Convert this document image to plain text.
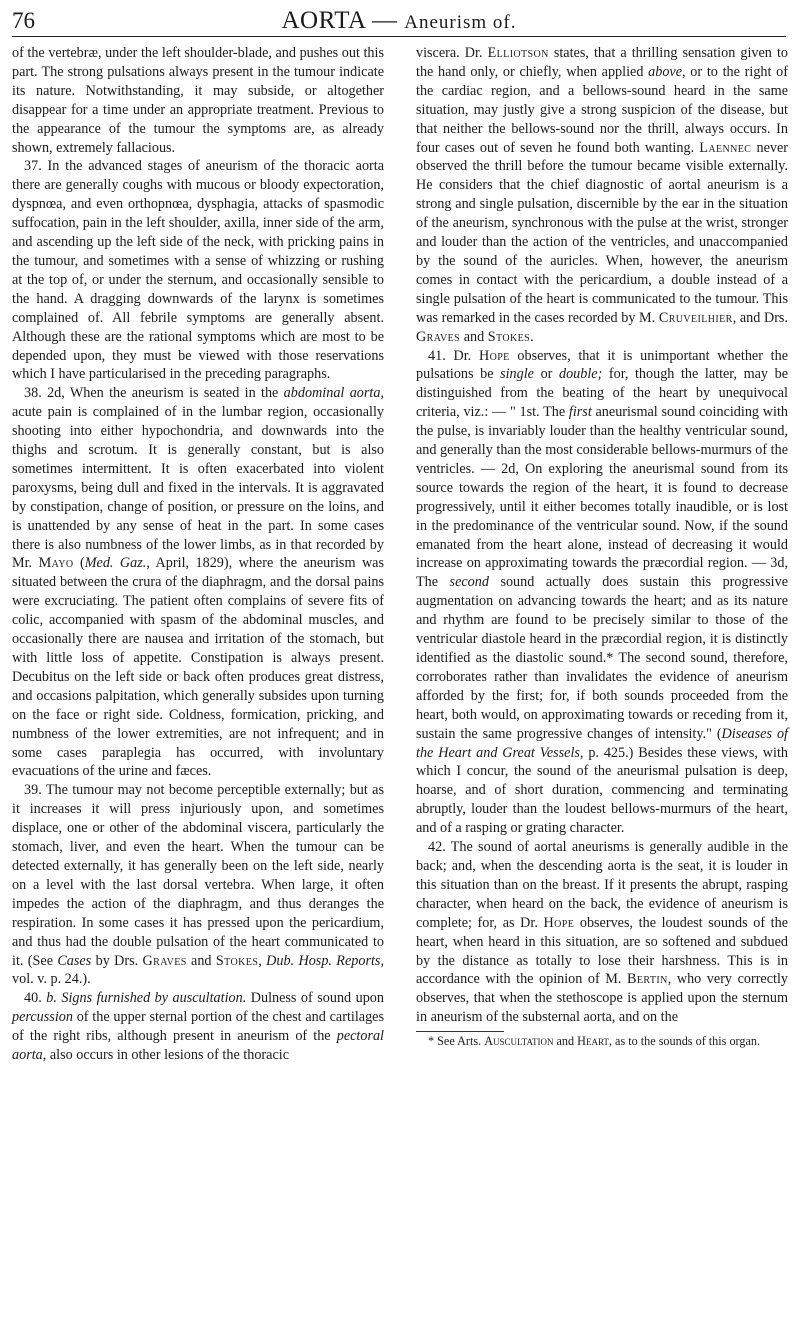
76	AORTA — Aneurism of.

of the vertebræ, under the left shoulder-blade, and pushes out this part. The strong pulsations always present in the tumour indicate its nature. Notwithstanding, it may subside, or altogether disappear for a time under an appropriate treatment. Previous to the appearance of the tumour the symptoms are, as already shown, extremely fallacious.

37. In the advanced stages of aneurism of the thoracic aorta there are generally coughs with mucous or bloody expectoration, dyspnœa, and even orthopnœa, dysphagia, attacks of spasmodic suffocation, pain in the left shoulder, axilla, inner side of the arm, and ascending up the left side of the neck, with pricking pains in the tumour, and sometimes with a sense of whizzing or rushing at the top of, or under the sternum, and occasionally sensible to the hand. A dragging downwards of the larynx is sometimes complained of. All febrile symptoms are generally absent. Although these are the rational symptoms which are most to be depended upon, they must be viewed with those reservations which I have particularised in the preceding paragraphs.

38. 2d, When the aneurism is seated in the abdominal aorta, acute pain is complained of in the lumbar region, occasionally shooting into either hypochondria, and downwards into the thighs and scrotum. It is generally constant, but is also sometimes intermittent. It is often exacerbated into violent paroxysms, being dull and fixed in the intervals. It is aggravated by constipation, change of position, or pressure on the loins, and is unattended by any sense of heat in the part. In some cases there is also numbness of the lower limbs, as in that recorded by Mr. Mayo (Med. Gaz., April, 1829), where the aneurism was situated between the crura of the diaphragm, and the dorsal pains were excruciating. The patient often complains of severe fits of colic, accompanied with spasm of the abdominal muscles, and occasionally there are nausea and irritation of the stomach, but with little loss of appetite. Constipation is always present. Decubitus on the left side or back often produces great distress, and occasions palpitation, which generally subsides upon turning on the face or right side. Coldness, formication, pricking, and numbness of the lower extremities, are not infrequent; and in some cases paraplegia has occurred, with involuntary evacuations of the urine and fæces.

39. The tumour may not become perceptible externally; but as it increases it will press injuriously upon, and sometimes displace, one or other of the abdominal viscera, particularly the stomach, liver, and even the heart. When the tumour can be detected externally, it has generally been on the left side, nearly on a level with the last dorsal vertebra. When large, it often impedes the action of the diaphragm, and thus deranges the respiration. In some cases it has pressed upon the pericardium, and thus had the double pulsation of the heart communicated to it. (See Cases by Drs. Graves and Stokes, Dub. Hosp. Reports, vol. v. p. 24.).

40. b. Signs furnished by auscultation. Dulness of sound upon percussion of the upper sternal portion of the chest and cartilages of the right ribs, although present in aneurism of the pectoral aorta, also occurs in other lesions of the thoracic

viscera. Dr. Elliotson states, that a thrilling sensation given to the hand only, or chiefly, when applied above, or to the right of the cardiac region, and a bellows-sound heard in the same situation, may justly give a strong suspicion of the disease, but that neither the bellows-sound nor the thrill, always occurs. In four cases out of seven he found both wanting. Laennec never observed the thrill before the tumour became visible externally. He considers that the chief diagnostic of aortal aneurism is a strong and single pulsation, discernible by the ear in the situation of the aneurism, synchronous with the pulse at the wrist, stronger and louder than the action of the ventricles, and unaccompanied by the sound of the auricles. When, however, the aneurism comes in contact with the pericardium, a double instead of a single pulsation of the heart is communicated to the tumour. This was remarked in the cases recorded by M. Cruveilhier, and Drs. Graves and Stokes.

41. Dr. Hope observes, that it is unimportant whether the pulsations be single or double; for, though the latter, may be distinguished from the beating of the heart by unequivocal criteria, viz.: — " 1st. The first aneurismal sound coinciding with the pulse, is invariably louder than the healthy ventricular sound, and generally than the most considerable bellows-murmurs of the ventricles. — 2d, On exploring the aneurismal sound from its source towards the region of the heart, it is found to decrease progressively, until it either becomes totally inaudible, or is lost in the predominance of the ventricular sound. Now, if the sound emanated from the heart alone, instead of decreasing it would increase on approximating towards the præcordial region. — 3d, The second sound actually does sustain this progressive augmentation on advancing towards the heart; and as its nature and rhythm are found to be precisely similar to those of the ventricular diastole heard in the præcordial region, it is distinctly identified as the diastolic sound.* The second sound, therefore, corroborates rather than invalidates the evidence of aneurism afforded by the first; for, if both sounds proceeded from the heart, both would, on approximating towards or receding from it, sustain the same progressive changes of intensity." (Diseases of the Heart and Great Vessels, p. 425.) Besides these views, with which I concur, the sound of the aneurismal pulsation is deep, hoarse, and of short duration, commencing and terminating abruptly, louder than the loudest bellows-murmurs of the heart, and of a rasping or grating character.

42. The sound of aortal aneurisms is generally audible in the back; and, when the descending aorta is the seat, it is louder in this situation than on the breast. If it presents the abrupt, rasping character, when heard on the back, the evidence of aneurism is complete; for, as Dr. Hope observes, the loudest sounds of the heart, when heard in this situation, are so softened and subdued by the distance as totally to lose their harshness. This is in accordance with the opinion of M. Bertin, who very correctly observes, that when the stethoscope is applied upon the sternum in aneurism of the substernal aorta, and on the

* See Arts. Auscultation and Heart, as to the sounds of this organ.
